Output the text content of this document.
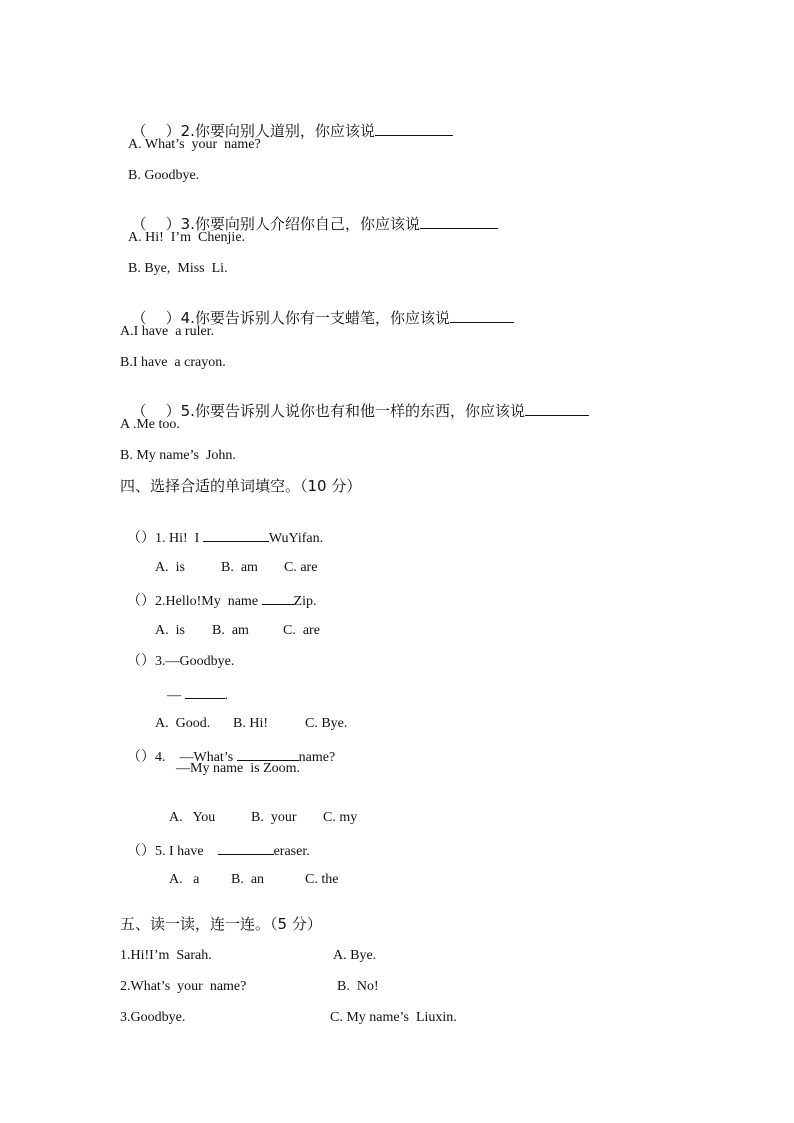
（    ）2.你要向别人道别，你应该说

A. What’s  your  name?
B. Goodbye.

（    ）3.你要向别人介绍你自己，你应该说

A. Hi!  I’m  Chenjie.
B. Bye,  Miss  Li.

（    ）4.你要告诉别人你有一支蜡笔，你应该说

A.I have  a ruler.
B.I have  a crayon.

（    ）5.你要告诉别人说你也有和他一样的东西，你应该说

A .Me too.
B. My name’s  John.
四、选择合适的单词填空。（10 分）

（）1. Hi!  I	WuYifan.

A.  is	B.  am C. are

（）2.Hello!My  name Zip.

A.  is B.  am C.  are

（）3.—Goodbye.

—	.

A.  Good. B. Hi!	C. Bye.

（）4.    —What’s	name?

—My name  is Zoom.

A.   You	B.  your C. my

（）5. I have	eraser.

A.   a B.  an	C. the

五、读一读，连一连。（5 分）
1.Hi!I’m  Sarah.	A. Bye.
2.What’s  your  name?	B.  No!
3.Goodbye.	C. My name’s  Liuxin.
